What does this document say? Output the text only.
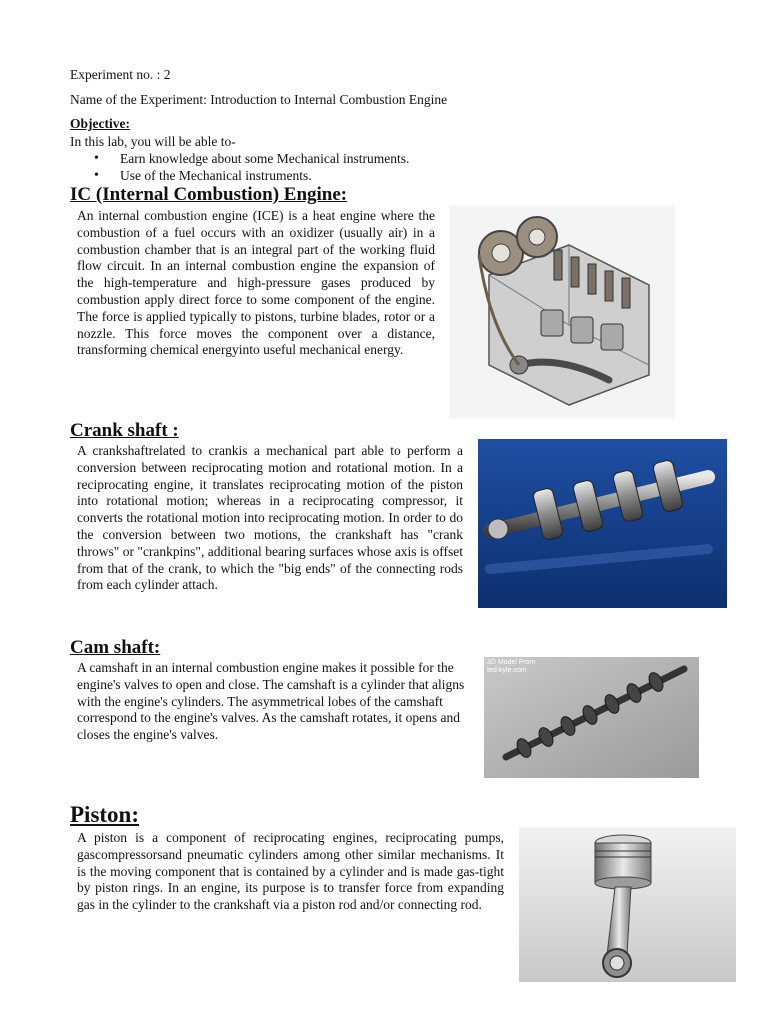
Experiment no. : 2
Name of the Experiment: Introduction to Internal Combustion Engine
Objective:
In this lab, you will be able to-
• Earn knowledge about some Mechanical instruments.
• Use of the Mechanical instruments.
IC (Internal Combustion) Engine:
An internal combustion engine (ICE) is a heat engine where the combustion of a fuel occurs with an oxidizer (usually air) in a combustion chamber that is an integral part of the working fluid flow circuit. In an internal combustion engine the expansion of the high-temperature and high-pressure gases produced by combustion apply direct force to some component of the engine. The force is applied typically to pistons, turbine blades, rotor or a nozzle. This force moves the component over a distance, transforming chemical energyinto useful mechanical energy.
Crank shaft :
A crankshaftrelated to crankis a mechanical part able to perform a conversion between reciprocating motion and rotational motion. In a reciprocating engine, it translates reciprocating motion of the piston into rotational motion; whereas in a reciprocating compressor, it converts the rotational motion into reciprocating motion. In order to do the conversion between two motions, the crankshaft has "crank throws" or "crankpins", additional bearing surfaces whose axis is offset from that of the crank, to which the "big ends" of the connecting rods from each cylinder attach.
Cam shaft:
A camshaft in an internal combustion engine makes it possible for the engine's valves to open and close. The camshaft is a cylinder that aligns with the engine's cylinders. The asymmetrical lobes of the camshaft correspond to the engine's valves. As the camshaft rotates, it opens and closes the engine's valves.
3D Model From
ted-kyle.com
Piston:
A piston is a component of reciprocating engines, reciprocating pumps, gascompressorsand pneumatic cylinders among other similar mechanisms. It is the moving component that is contained by a cylinder and is made gas-tight by piston rings. In an engine, its purpose is to transfer force from expanding gas in the cylinder to the crankshaft via a piston rod and/or connecting rod.
